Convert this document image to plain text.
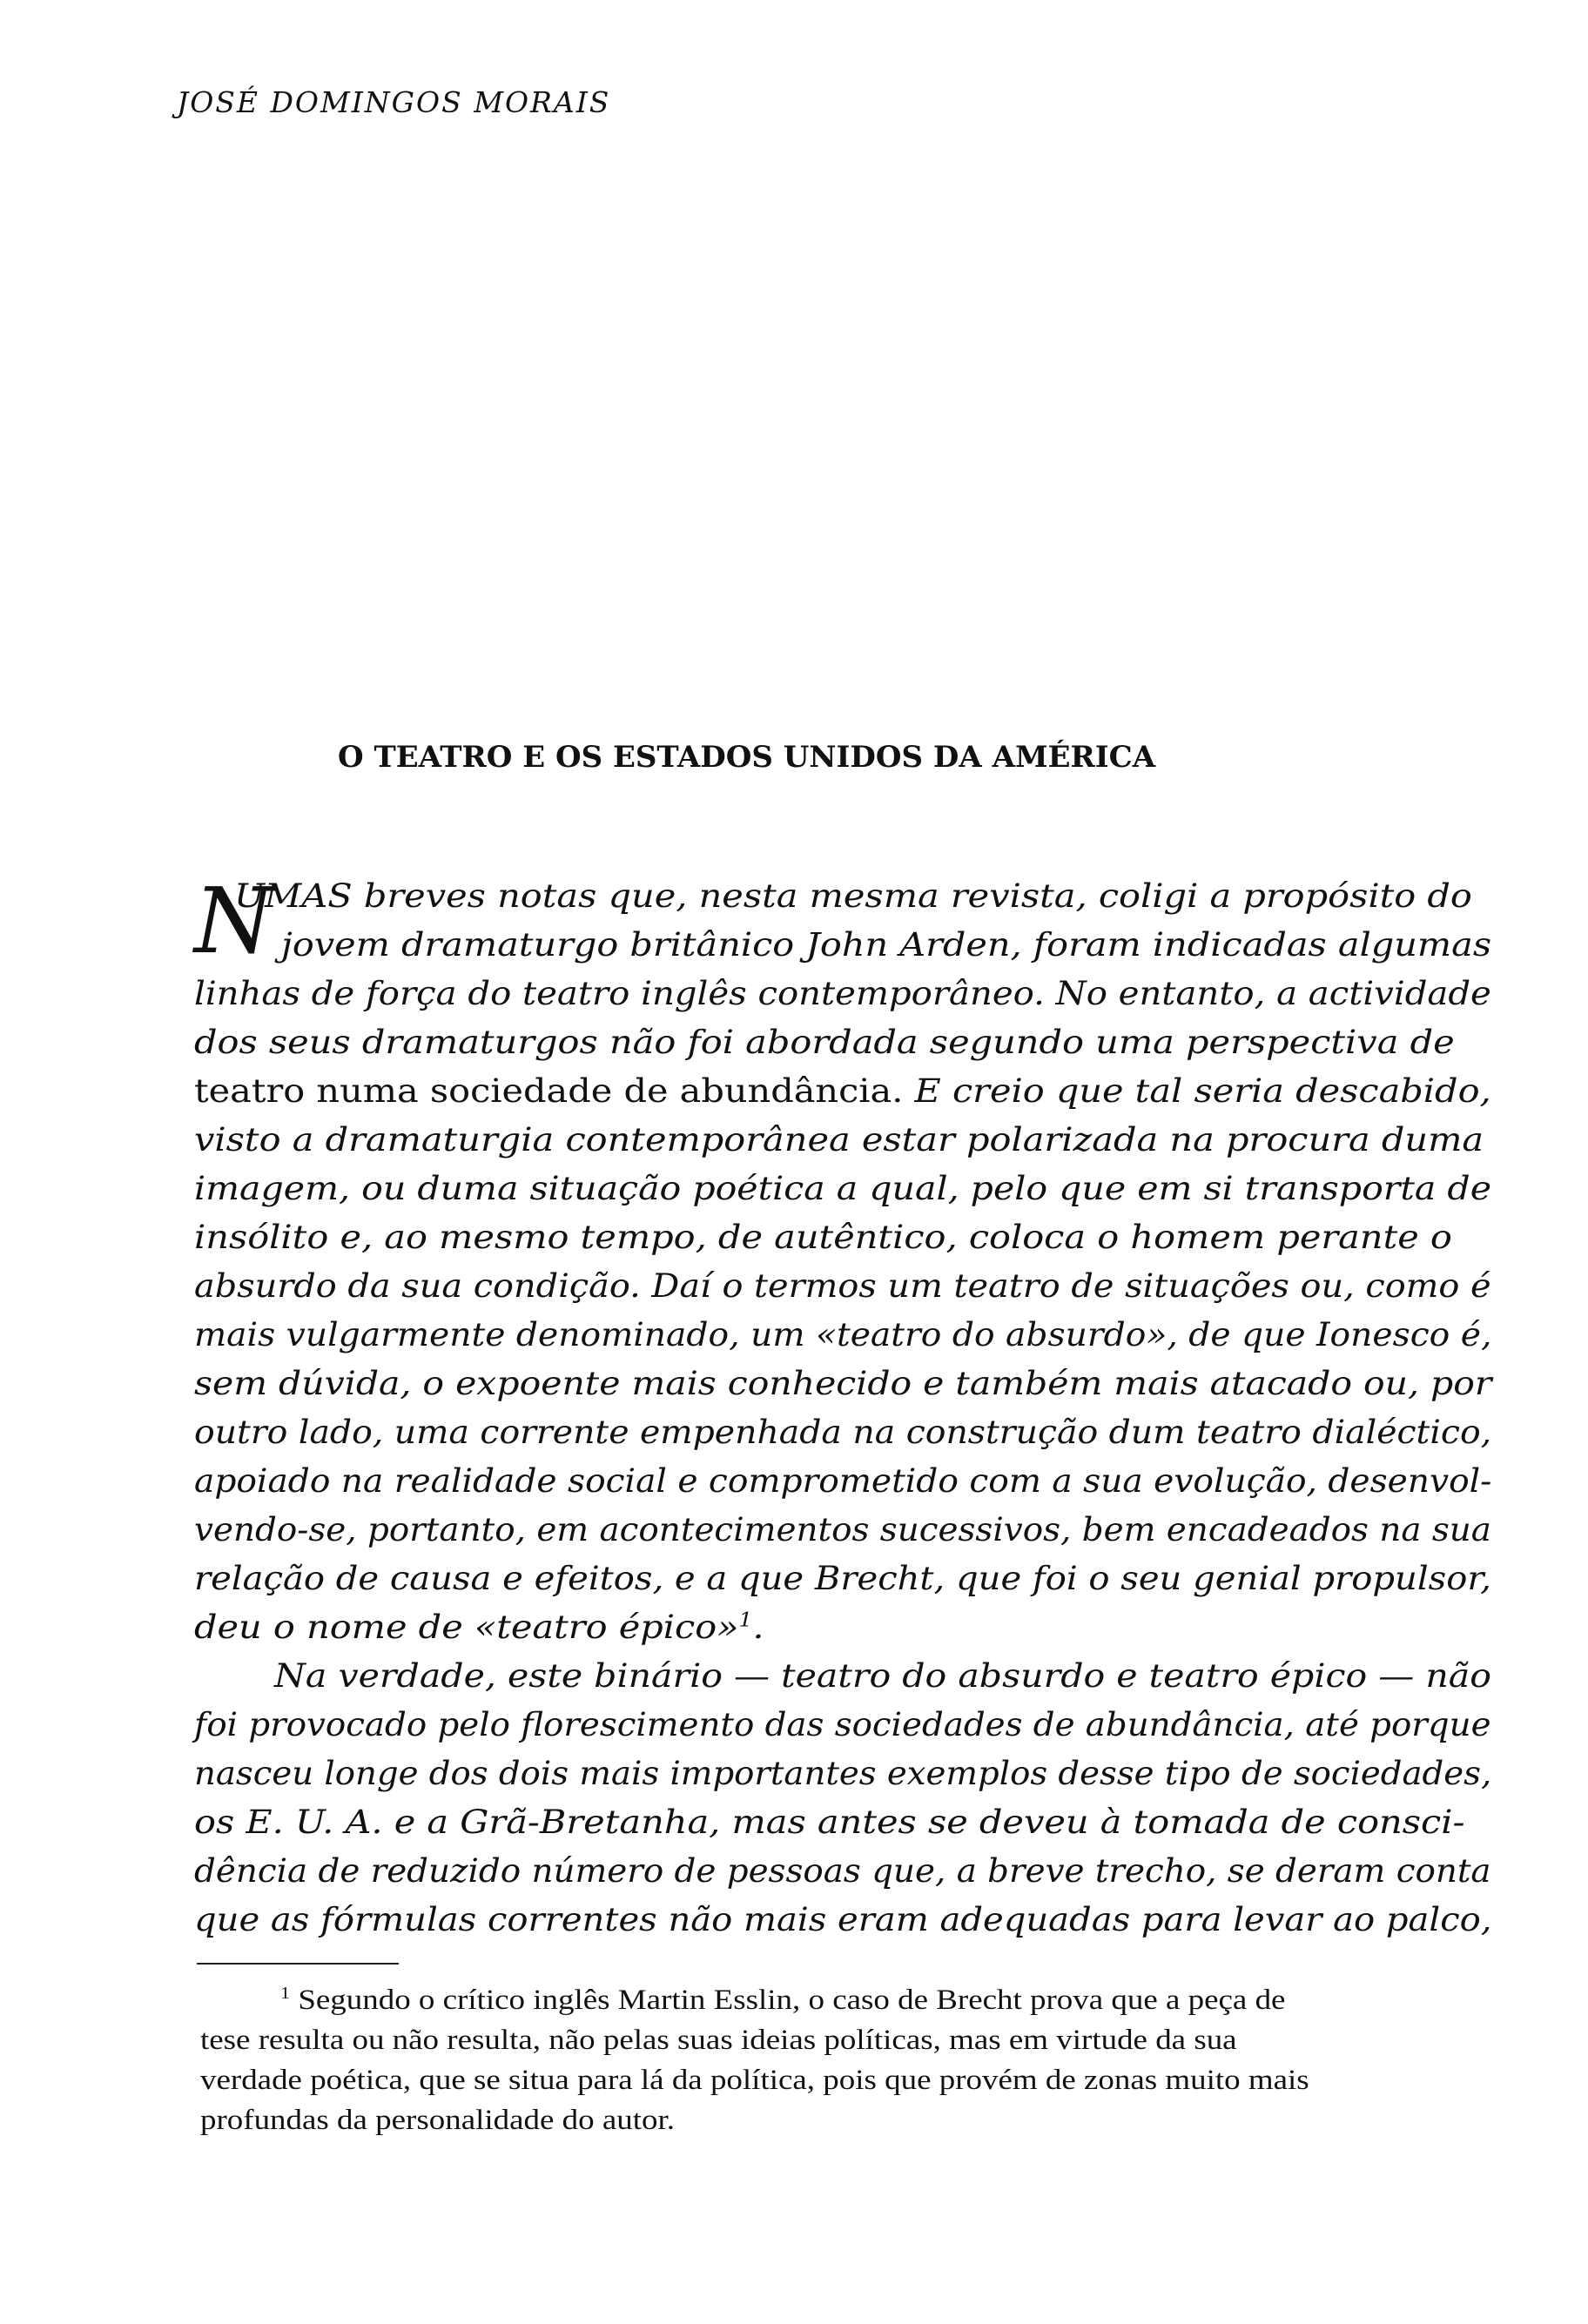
JOSÉ DOMINGOS MORAIS
O TEATRO E OS ESTADOS UNIDOS DA AMÉRICA
N
UMAS breves notas que, nesta mesma revista, coligi a propósito do
jovem dramaturgo britânico John Arden, foram indicadas algumas
linhas de força do teatro inglês contemporâneo. No entanto, a actividade
dos seus dramaturgos não foi abordada segundo uma perspectiva de
teatro numa sociedade de abundância. E creio que tal seria descabido,
visto a dramaturgia contemporânea estar polarizada na procura duma
imagem, ou duma situação poética a qual, pelo que em si transporta de
insólito e, ao mesmo tempo, de autêntico, coloca o homem perante o
absurdo da sua condição. Daí o termos um teatro de situações ou, como é
mais vulgarmente denominado, um «teatro do absurdo», de que Ionesco é,
sem dúvida, o expoente mais conhecido e também mais atacado ou, por
outro lado, uma corrente empenhada na construção dum teatro dialéctico,
apoiado na realidade social e comprometido com a sua evolução, desenvol-
vendo-se, portanto, em acontecimentos sucessivos, bem encadeados na sua
relação de causa e efeitos, e a que Brecht, que foi o seu genial propulsor,
deu o nome de «teatro épico»$^1$.
Na verdade, este binário — teatro do absurdo e teatro épico — não
foi provocado pelo florescimento das sociedades de abundância, até porque
nasceu longe dos dois mais importantes exemplos desse tipo de sociedades,
os E. U. A. e a Grã-Bretanha, mas antes se deveu à tomada de consci-
dência de reduzido número de pessoas que, a breve trecho, se deram conta
que as fórmulas correntes não mais eram adequadas para levar ao palco,
$^1$ Segundo o crítico inglês Martin Esslin, o caso de Brecht prova que a peça de
tese resulta ou não resulta, não pelas suas ideias políticas, mas em virtude da sua
verdade poética, que se situa para lá da política, pois que provém de zonas muito mais
profundas da personalidade do autor.
